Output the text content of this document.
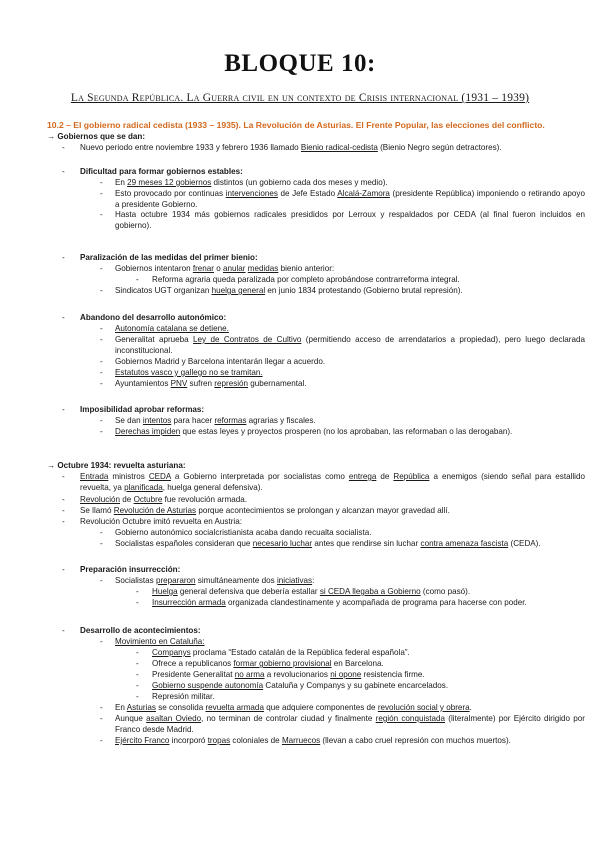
BLOQUE 10:
La Segunda República. La Guerra civil en un contexto de Crisis internacional (1931 – 1939)
10.2 – El gobierno radical cedista (1933 – 1935). La Revolución de Asturias. El Frente Popular, las elecciones del conflicto.
→ Gobiernos que se dan:
- Nuevo periodo entre noviembre 1933 y febrero 1936 llamado Bienio radical-cedista (Bienio Negro según detractores).
- Dificultad para formar gobiernos estables:
- En 29 meses 12 gobiernos distintos (un gobierno cada dos meses y medio).
- Esto provocado por continuas intervenciones de Jefe Estado Alcalá-Zamora (presidente República) imponiendo o retirando apoyo a presidente Gobierno.
- Hasta octubre 1934 más gobiernos radicales presididos por Lerroux y respaldados por CEDA (al final fueron incluidos en gobierno).
- Paralización de las medidas del primer bienio:
- Gobiernos intentaron frenar o anular medidas bienio anterior:
- Reforma agraria queda paralizada por completo aprobándose contrarreforma integral.
- Sindicatos UGT organizan huelga general en junio 1834 protestando (Gobierno brutal represión).
- Abandono del desarrollo autonómico:
- Autonomía catalana se detiene.
- Generalitat aprueba Ley de Contratos de Cultivo (permitiendo acceso de arrendatarios a propiedad), pero luego declarada inconstitucional.
- Gobiernos Madrid y Barcelona intentarán llegar a acuerdo.
- Estatutos vasco y gallego no se tramitan.
- Ayuntamientos PNV sufren represión gubernamental.
- Imposibilidad aprobar reformas:
- Se dan intentos para hacer reformas agrarias y fiscales.
- Derechas impiden que estas leyes y proyectos prosperen (no los aprobaban, las reformaban o las derogaban).
→ Octubre 1934: revuelta asturiana:
- Entrada ministros CEDA a Gobierno interpretada por socialistas como entrega de República a enemigos (siendo señal para estallido revuelta, ya planificada, huelga general defensiva).
- Revolución de Octubre fue revolución armada.
- Se llamó Revolución de Asturias porque acontecimientos se prolongan y alcanzan mayor gravedad allí.
- Revolución Octubre imitó revuelta en Austria:
- Gobierno autonómico socialcristianista acaba dando recualta socialista.
- Socialistas españoles consideran que necesario luchar antes que rendirse sin luchar contra amenaza fascista (CEDA).
- Preparación insurrección:
- Socialistas prepararon simultáneamente dos iniciativas:
- Huelga general defensiva que debería estallar si CEDA llegaba a Gobierno (como pasó).
- Insurrección armada organizada clandestinamente y acompañada de programa para hacerse con poder.
- Desarrollo de acontecimientos:
- Movimiento en Cataluña:
- Companys proclama “Estado catalán de la República federal española”.
- Ofrece a republicanos formar gobierno provisional en Barcelona.
- Presidente Generalitat no arma a revolucionarios ni opone resistencia firme.
- Gobierno suspende autonomía Cataluña y Companys y su gabinete encarcelados.
- Represión militar.
- En Asturias se consolida revuelta armada que adquiere componentes de revolución social y obrera.
- Aunque asaltan Oviedo, no terminan de controlar ciudad y finalmente región conquistada (literalmente) por Ejército dirigido por Franco desde Madrid.
- Ejército Franco incorporó tropas coloniales de Marruecos (llevan a cabo cruel represión con muchos muertos).
